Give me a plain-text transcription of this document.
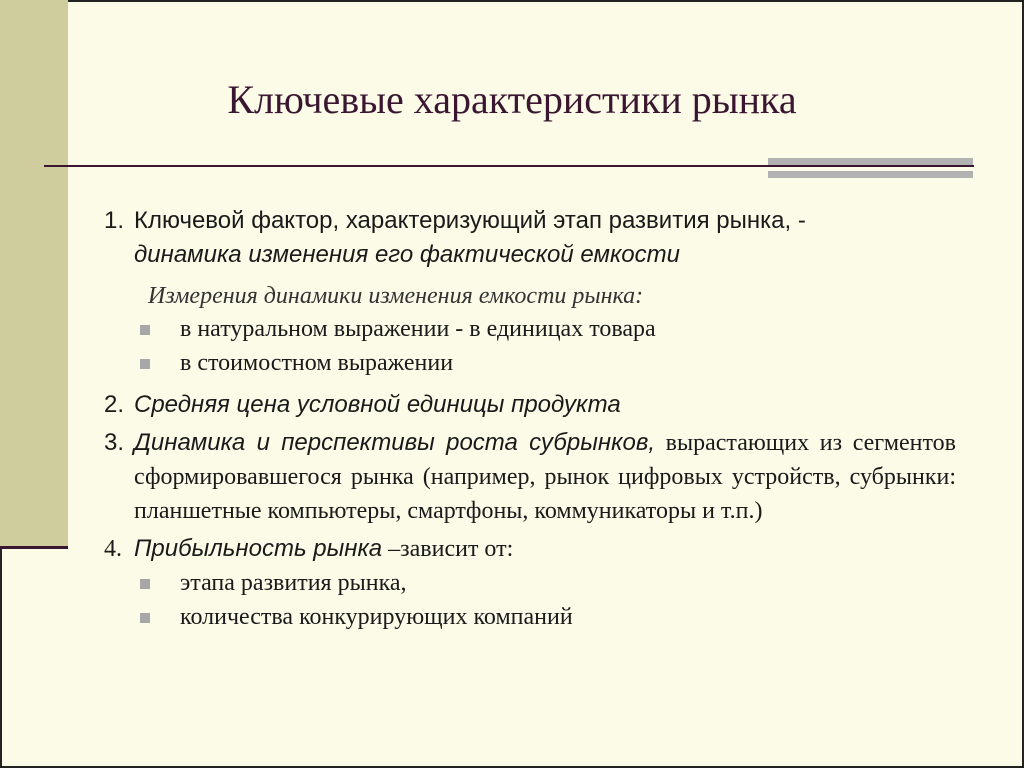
Ключевые характеристики рынка

1. Ключевой фактор, характеризующий этап развития рынка, -
динамика изменения его фактической емкости

Измерения динамики изменения емкости рынка:

в натуральном выражении - в единицах товара
в стоимостном выражении

2. Средняя цена условной единицы продукта

3. Динамика и перспективы роста субрынков, вырастающих из сегментов сформировавшегося рынка (например, рынок цифровых устройств, субрынки: планшетные компьютеры, смартфоны, коммуникаторы и т.п.)

4. Прибыльность рынка –зависит от:

этапа развития рынка,
количества конкурирующих компаний
